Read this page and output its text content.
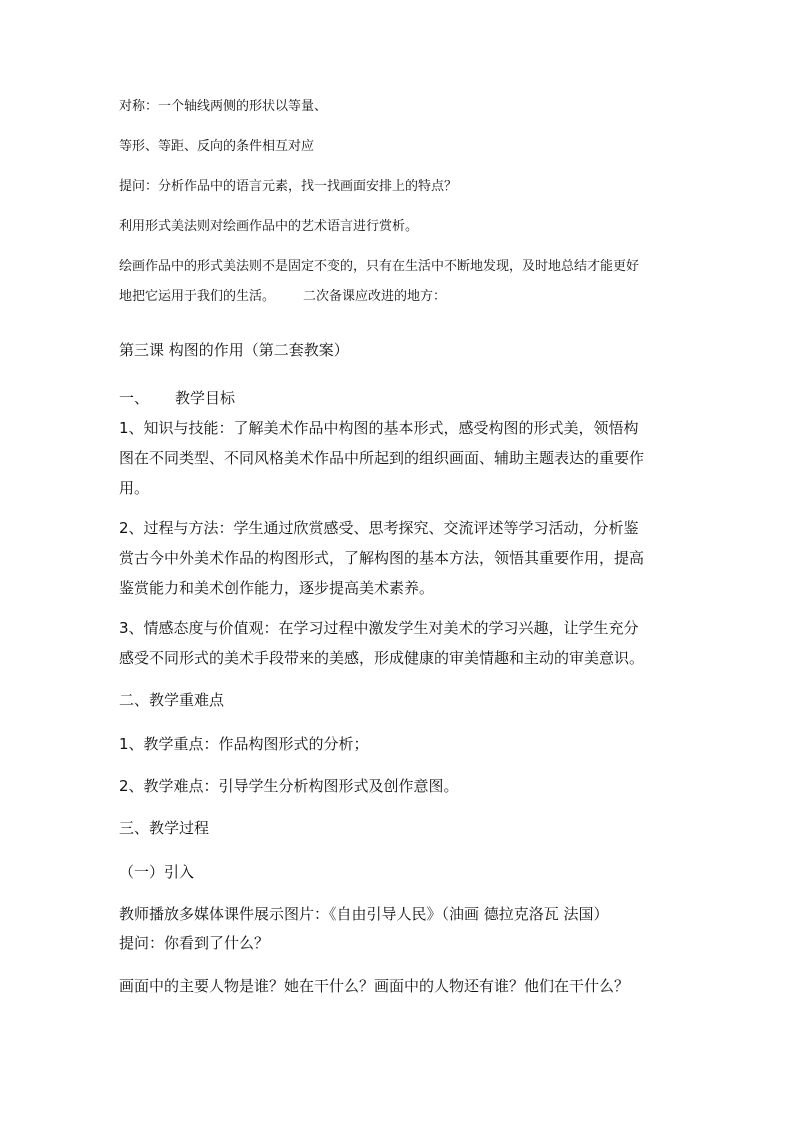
对称：一个轴线两侧的形状以等量、
等形、等距、反向的条件相互对应
提问：分析作品中的语言元素，找一找画面安排上的特点？
利用形式美法则对绘画作品中的艺术语言进行赏析。
绘画作品中的形式美法则不是固定不变的，只有在生活中不断地发现，及时地总结才能更好
地把它运用于我们的生活。 二次备课应改进的地方：
第三课 构图的作用（第二套教案）
一、 教学目标
1、知识与技能：了解美术作品中构图的基本形式，感受构图的形式美，领悟构
图在不同类型、不同风格美术作品中所起到的组织画面、辅助主题表达的重要作
用。
2、过程与方法：学生通过欣赏感受、思考探究、交流评述等学习活动，分析鉴
赏古今中外美术作品的构图形式，了解构图的基本方法，领悟其重要作用，提高
鉴赏能力和美术创作能力，逐步提高美术素养。
3、情感态度与价值观：在学习过程中激发学生对美术的学习兴趣，让学生充分
感受不同形式的美术手段带来的美感，形成健康的审美情趣和主动的审美意识。
二、教学重难点
1、教学重点：作品构图形式的分析；
2、教学难点：引导学生分析构图形式及创作意图。
三、教学过程
（一）引入
教师播放多媒体课件展示图片：《自由引导人民》（油画 德拉克洛瓦 法国）
提问：你看到了什么？
画面中的主要人物是谁？她在干什么？画面中的人物还有谁？他们在干什么？
